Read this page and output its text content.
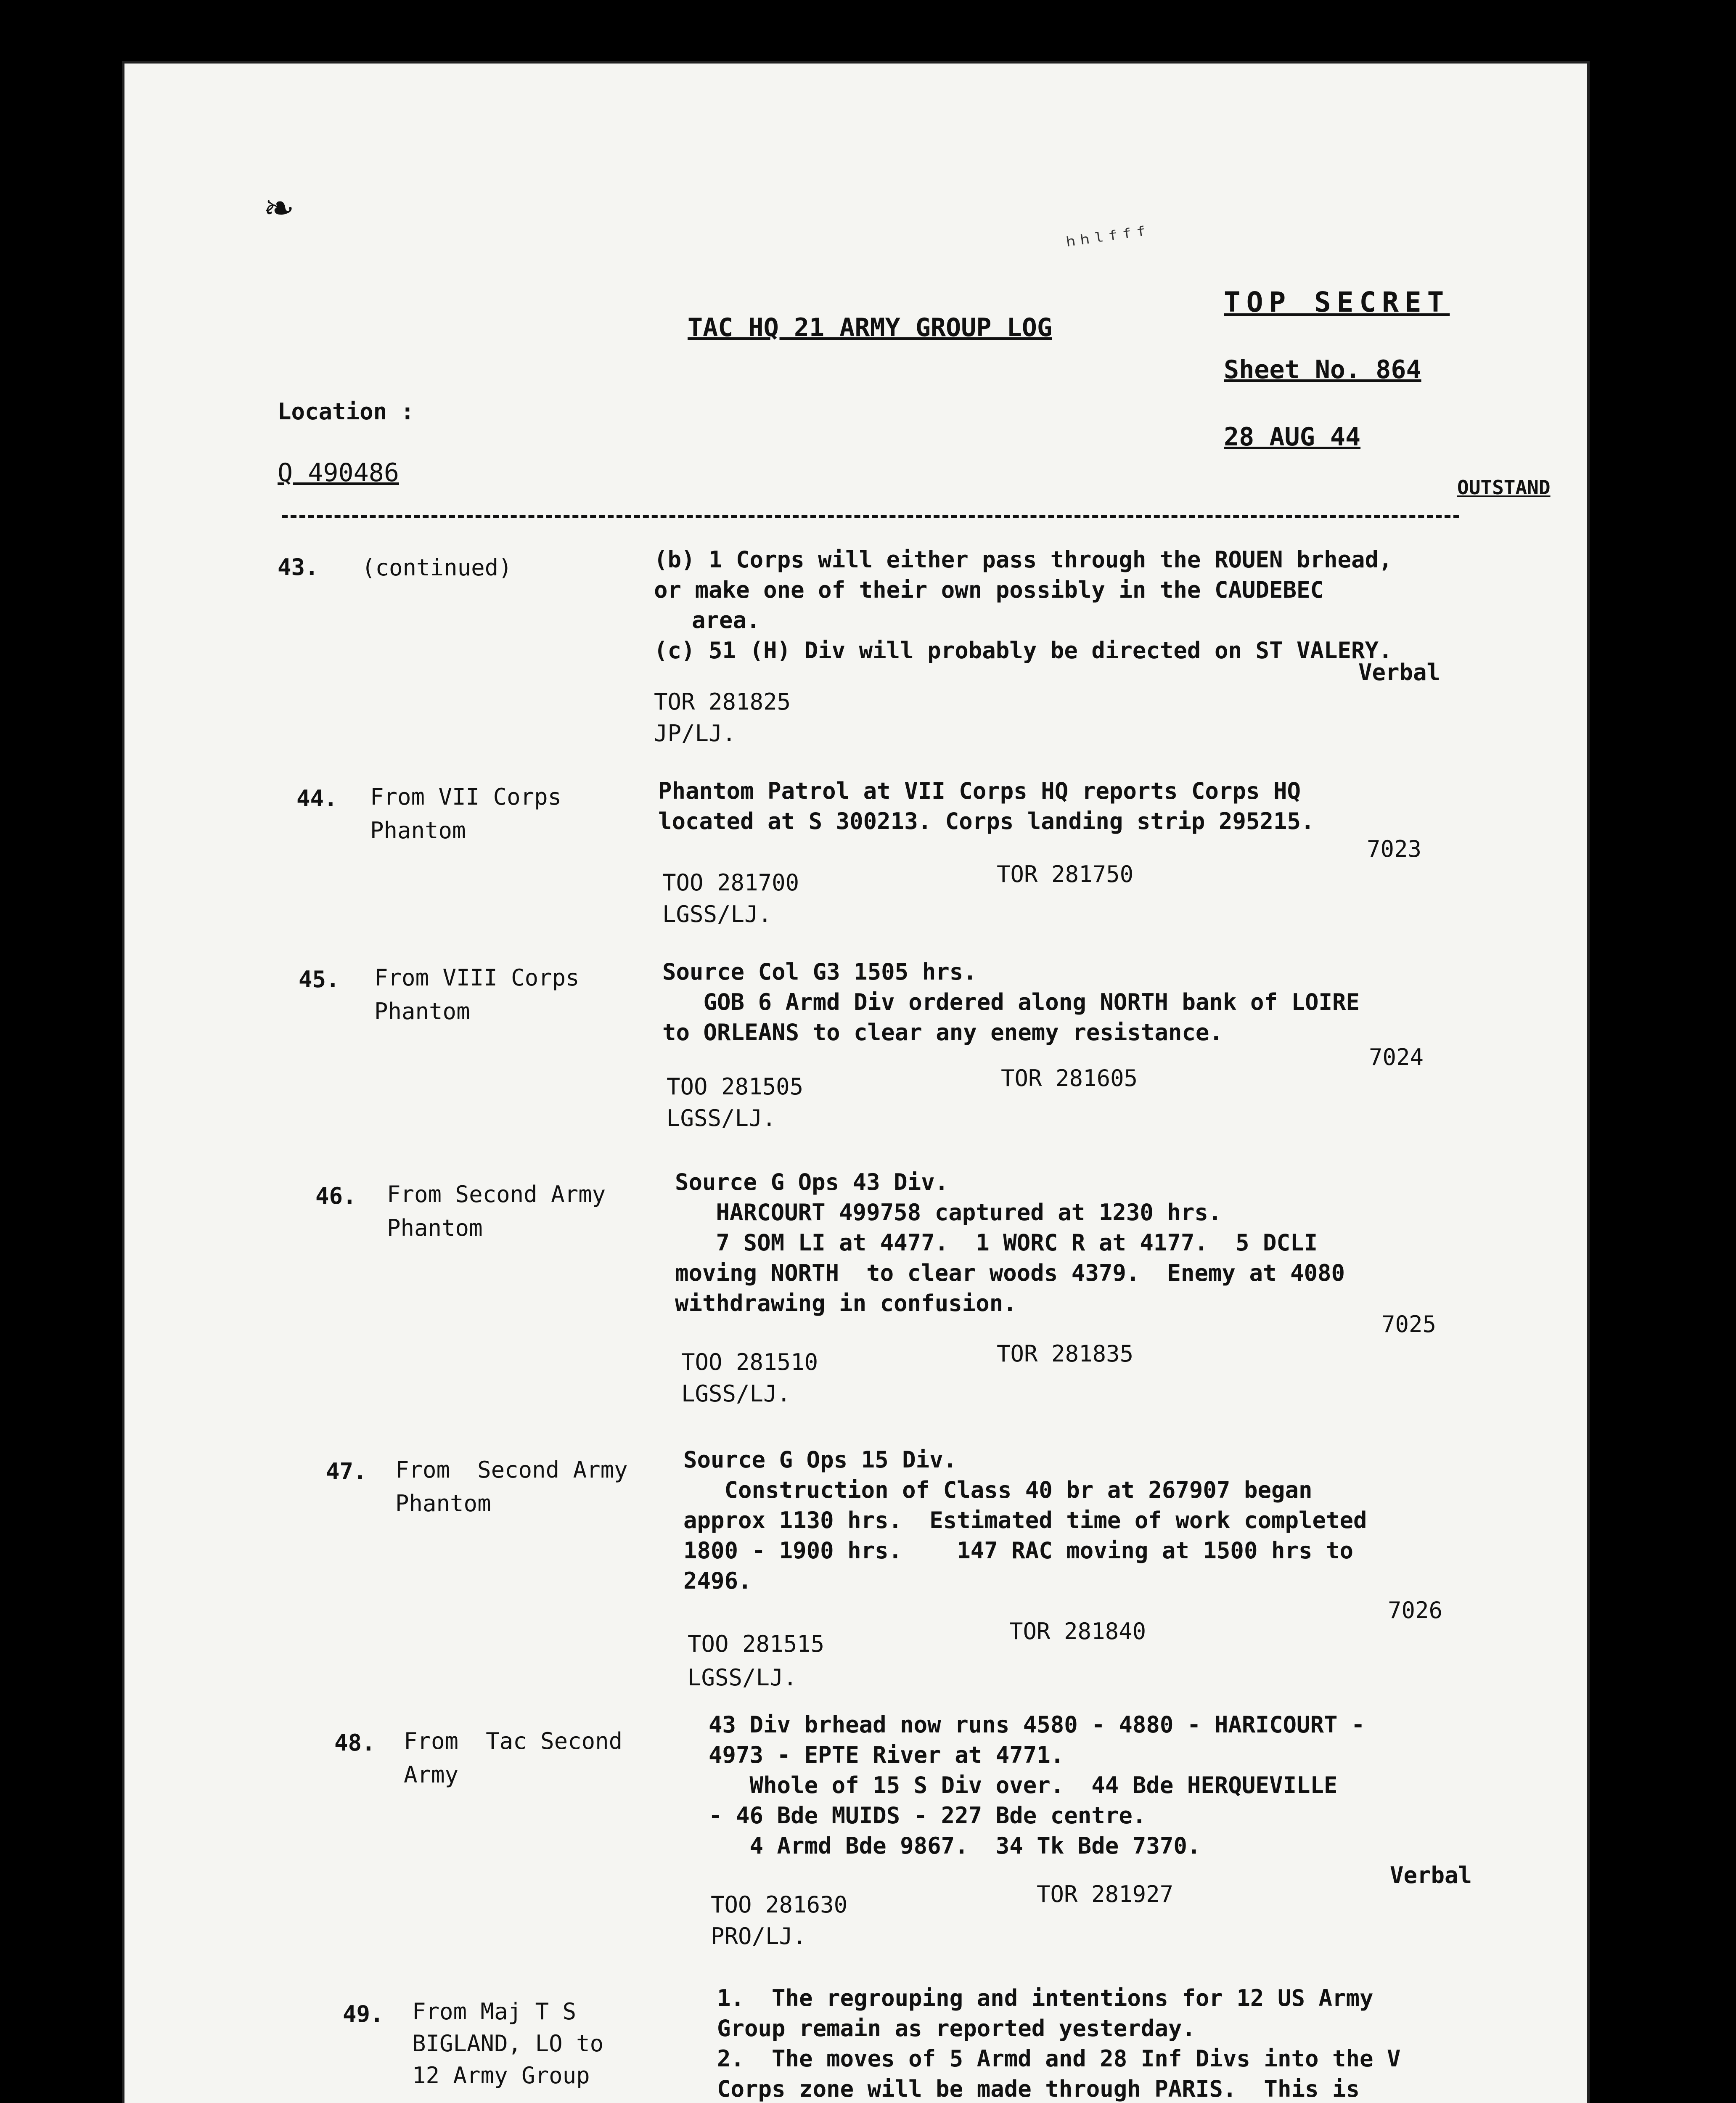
❧
ʰʰˡᶠᶠᶠ
TAC HQ 21 ARMY GROUP LOG
TOP SECRET
Sheet No. 864
28 AUG 44
Location :
Q 490486	OUTSTAND
43. (continued)	(b) 1 Corps will either pass through the ROUEN brhead,
or make one of their own possibly in the CAUDEBEC
area.
(c) 51 (H) Div will probably be directed on ST VALERY.
Verbal
TOR 281825
JP/LJ.
44. From VII Corps
Phantom
Phantom Patrol at VII Corps HQ reports Corps HQ
located at S 300213. Corps landing strip 295215.
7023
TOO 281700	TOR 281750
LGSS/LJ.
45. From VIII Corps
Phantom
Source Col G3 1505 hrs.
GOB 6 Armd Div ordered along NORTH bank of LOIRE
to ORLEANS to clear any enemy resistance.
7024
TOO 281505	TOR 281605
LGSS/LJ.
46. From Second Army
Phantom
Source G Ops 43 Div.
HARCOURT 499758 captured at 1230 hrs.
7 SOM LI at 4477.  1 WORC R at 4177.  5 DCLI
moving NORTH  to clear woods 4379.  Enemy at 4080
withdrawing in confusion.
7025
TOO 281510	TOR 281835
LGSS/LJ.
47. From  Second Army
Phantom
Source G Ops 15 Div.
Construction of Class 40 br at 267907 began
approx 1130 hrs.  Estimated time of work completed
1800 - 1900 hrs.    147 RAC moving at 1500 hrs to
2496.
7026
TOO 281515	TOR 281840
LGSS/LJ.
48. From  Tac Second
Army
43 Div brhead now runs 4580 - 4880 - HARICOURT -
4973 - EPTE River at 4771.
Whole of 15 S Div over.  44 Bde HERQUEVILLE
- 46 Bde MUIDS - 227 Bde centre.
4 Armd Bde 9867.  34 Tk Bde 7370.
Verbal
TOO 281630	TOR 281927
PRO/LJ.
49. From Maj T S
BIGLAND, LO to
12 Army Group
1.  The regrouping and intentions for 12 US Army
Group remain as reported yesterday.
2.  The moves of 5 Armd and 28 Inf Divs into the V
Corps zone will be made through PARIS.  This is
